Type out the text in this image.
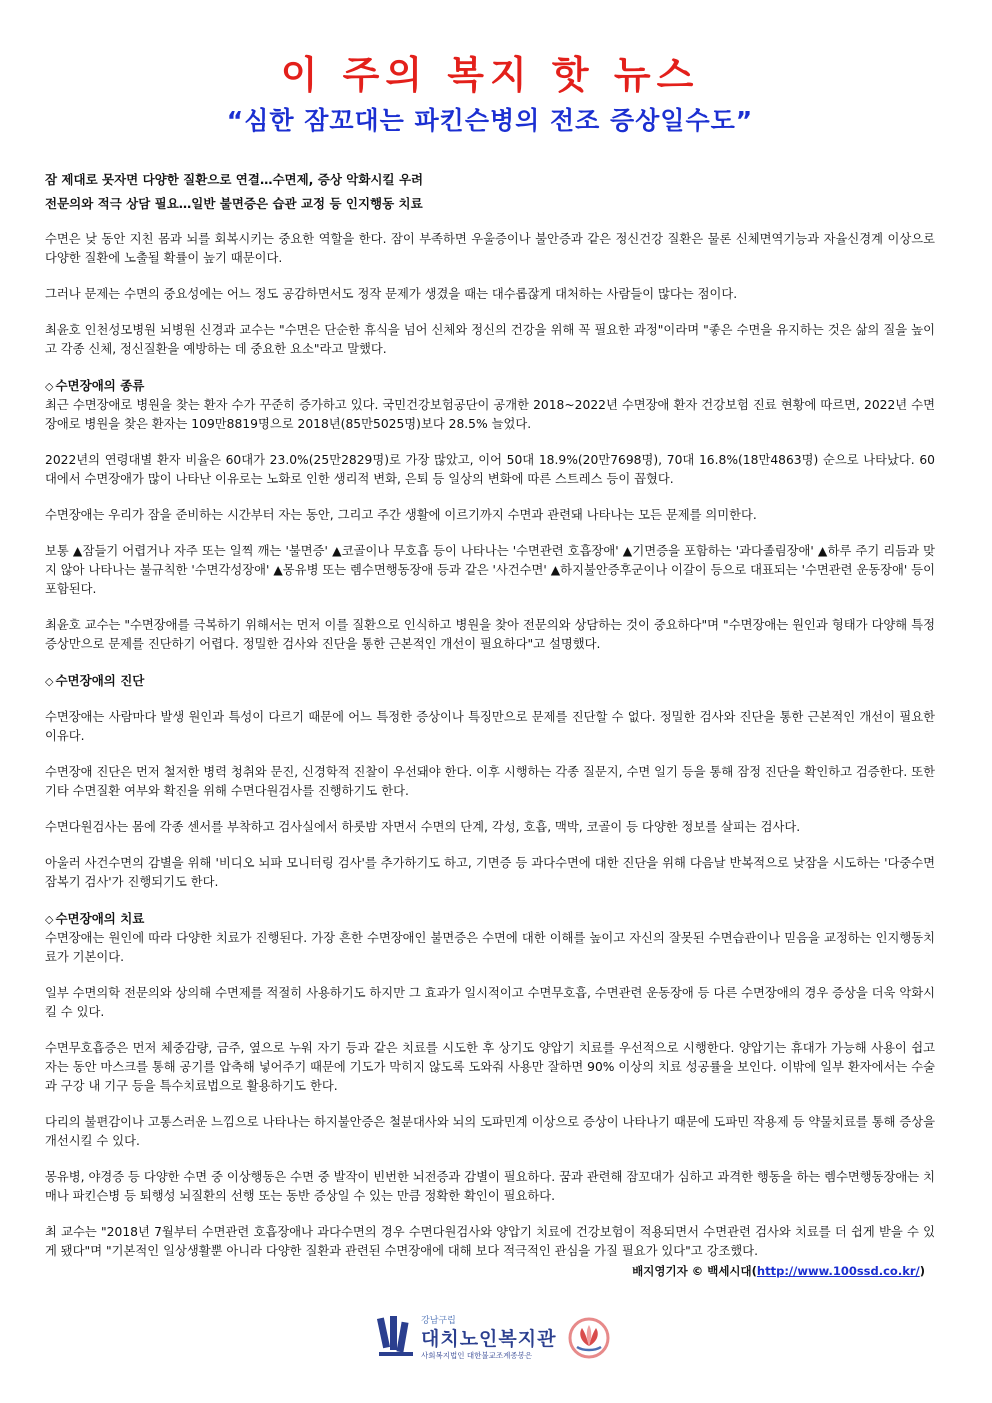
이 주의 복지 핫 뉴스
“심한 잠꼬대는 파킨슨병의 전조 증상일수도”

잠 제대로 못자면 다양한 질환으로 연결…수면제, 증상 악화시킬 우려

전문의와 적극 상담 필요…일반 불면증은 습관 교정 등 인지행동 치료

수면은 낮 동안 지친 몸과 뇌를 회복시키는 중요한 역할을 한다. 잠이 부족하면 우울증이나 불안증과 같은 정신건강 질환은 물론 신체면역기능과 자율신경계 이상으로 다양한 질환에 노출될 확률이 높기 때문이다.

그러나 문제는 수면의 중요성에는 어느 정도 공감하면서도 정작 문제가 생겼을 때는 대수롭잖게 대처하는 사람들이 많다는 점이다.

최윤호 인천성모병원 뇌병원 신경과 교수는 "수면은 단순한 휴식을 넘어 신체와 정신의 건강을 위해 꼭 필요한 과정"이라며 "좋은 수면을 유지하는 것은 삶의 질을 높이고 각종 신체, 정신질환을 예방하는 데 중요한 요소"라고 말했다.

◇ 수면장애의 종류

최근 수면장애로 병원을 찾는 환자 수가 꾸준히 증가하고 있다. 국민건강보험공단이 공개한 2018~2022년 수면장애 환자 건강보험 진료 현황에 따르면, 2022년 수면장애로 병원을 찾은 환자는 109만8819명으로 2018년(85만5025명)보다 28.5% 늘었다.

2022년의 연령대별 환자 비율은 60대가 23.0%(25만2829명)로 가장 많았고, 이어 50대 18.9%(20만7698명), 70대 16.8%(18만4863명) 순으로 나타났다. 60대에서 수면장애가 많이 나타난 이유로는 노화로 인한 생리적 변화, 은퇴 등 일상의 변화에 따른 스트레스 등이 꼽혔다.

수면장애는 우리가 잠을 준비하는 시간부터 자는 동안, 그리고 주간 생활에 이르기까지 수면과 관련돼 나타나는 모든 문제를 의미한다.

보통 ▲잠들기 어렵거나 자주 또는 일찍 깨는 '불면증' ▲코골이나 무호흡 등이 나타나는 '수면관련 호흡장애' ▲기면증을 포함하는 '과다졸림장애' ▲하루 주기 리듬과 맞지 않아 나타나는 불규칙한 '수면각성장애' ▲몽유병 또는 렘수면행동장애 등과 같은 '사건수면' ▲하지불안증후군이나 이갈이 등으로 대표되는 '수면관련 운동장애' 등이 포함된다.

최윤호 교수는 "수면장애를 극복하기 위해서는 먼저 이를 질환으로 인식하고 병원을 찾아 전문의와 상담하는 것이 중요하다"며 "수면장애는 원인과 형태가 다양해 특정 증상만으로 문제를 진단하기 어렵다. 정밀한 검사와 진단을 통한 근본적인 개선이 필요하다"고 설명했다.

◇ 수면장애의 진단

수면장애는 사람마다 발생 원인과 특성이 다르기 때문에 어느 특정한 증상이나 특징만으로 문제를 진단할 수 없다. 정밀한 검사와 진단을 통한 근본적인 개선이 필요한 이유다.

수면장애 진단은 먼저 철저한 병력 청취와 문진, 신경학적 진찰이 우선돼야 한다. 이후 시행하는 각종 질문지, 수면 일기 등을 통해 잠정 진단을 확인하고 검증한다. 또한 기타 수면질환 여부와 확진을 위해 수면다원검사를 진행하기도 한다.

수면다원검사는 몸에 각종 센서를 부착하고 검사실에서 하룻밤 자면서 수면의 단계, 각성, 호흡, 맥박, 코골이 등 다양한 정보를 살피는 검사다.

아울러 사건수면의 감별을 위해 '비디오 뇌파 모니터링 검사'를 추가하기도 하고, 기면증 등 과다수면에 대한 진단을 위해 다음날 반복적으로 낮잠을 시도하는 '다중수면 잠복기 검사'가 진행되기도 한다.

◇ 수면장애의 치료

수면장애는 원인에 따라 다양한 치료가 진행된다. 가장 흔한 수면장애인 불면증은 수면에 대한 이해를 높이고 자신의 잘못된 수면습관이나 믿음을 교정하는 인지행동치료가 기본이다.

일부 수면의학 전문의와 상의해 수면제를 적절히 사용하기도 하지만 그 효과가 일시적이고 수면무호흡, 수면관련 운동장애 등 다른 수면장애의 경우 증상을 더욱 악화시킬 수 있다.

수면무호흡증은 먼저 체중감량, 금주, 옆으로 누워 자기 등과 같은 치료를 시도한 후 상기도 양압기 치료를 우선적으로 시행한다. 양압기는 휴대가 가능해 사용이 쉽고 자는 동안 마스크를 통해 공기를 압축해 넣어주기 때문에 기도가 막히지 않도록 도와줘 사용만 잘하면 90% 이상의 치료 성공률을 보인다. 이밖에 일부 환자에서는 수술과 구강 내 기구 등을 특수치료법으로 활용하기도 한다.

다리의 불편감이나 고통스러운 느낌으로 나타나는 하지불안증은 철분대사와 뇌의 도파민계 이상으로 증상이 나타나기 때문에 도파민 작용제 등 약물치료를 통해 증상을 개선시킬 수 있다.

몽유병, 야경증 등 다양한 수면 중 이상행동은 수면 중 발작이 빈번한 뇌전증과 감별이 필요하다. 꿈과 관련해 잠꼬대가 심하고 과격한 행동을 하는 렘수면행동장애는 치매나 파킨슨병 등 퇴행성 뇌질환의 선행 또는 동반 증상일 수 있는 만큼 정확한 확인이 필요하다.

최 교수는 "2018년 7월부터 수면관련 호흡장애나 과다수면의 경우 수면다원검사와 양압기 치료에 건강보험이 적용되면서 수면관련 검사와 치료를 더 쉽게 받을 수 있게 됐다"며 "기본적인 일상생활뿐 아니라 다양한 질환과 관련된 수면장애에 대해 보다 적극적인 관심을 가질 필요가 있다"고 강조했다.

배지영기자 © 백세시대(http://www.100ssd.co.kr/)
강남구립
대치노인복지관
사회복지법인 대한불교조계종봉은
